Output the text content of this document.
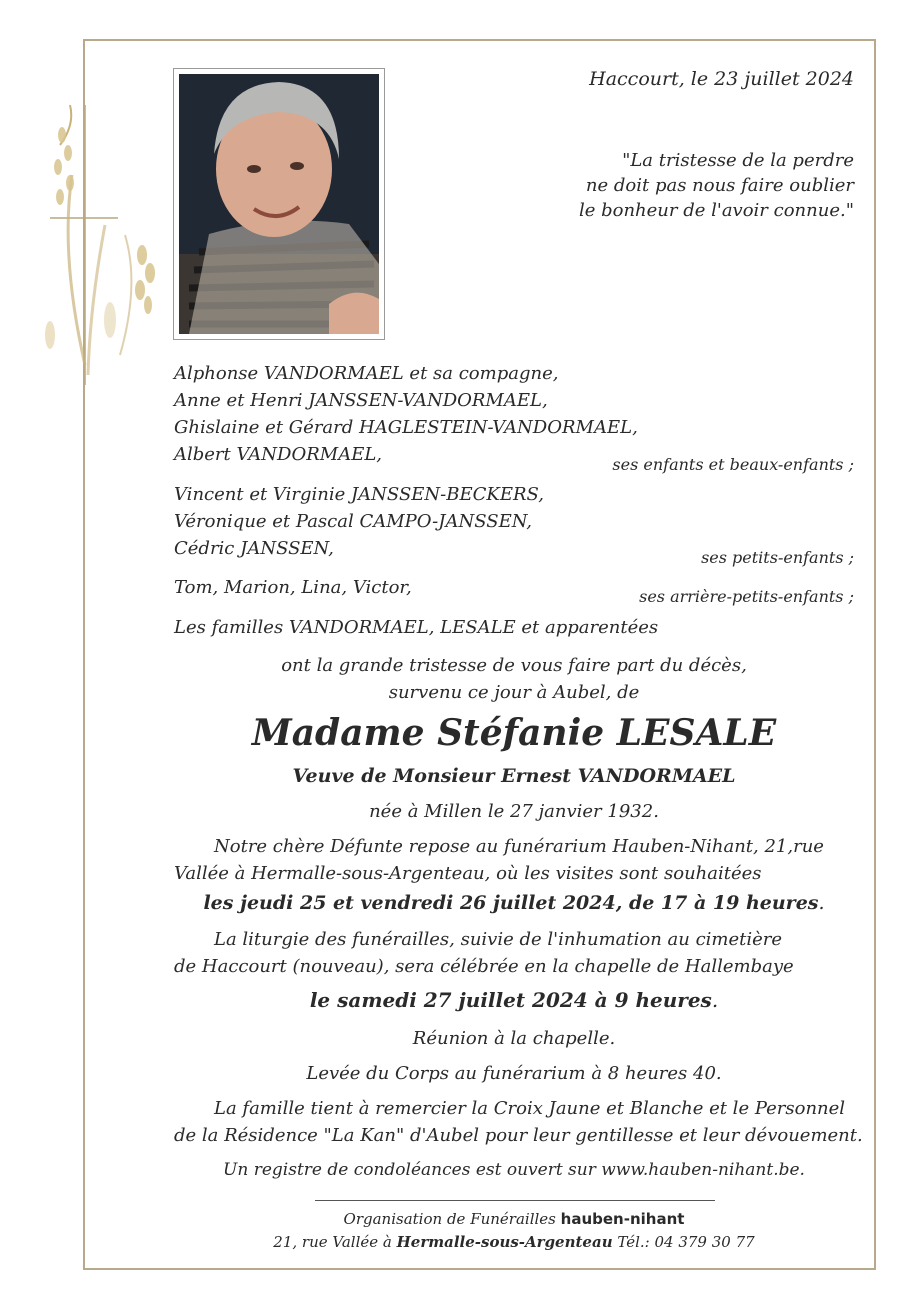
Haccourt, le 23 juillet 2024
"La tristesse de la perdre
ne doit pas nous faire oublier
le bonheur de l'avoir connue."
Alphonse VANDORMAEL et sa compagne,
Anne et Henri JANSSEN-VANDORMAEL,
Ghislaine et Gérard HAGLESTEIN-VANDORMAEL,
Albert VANDORMAEL,	ses enfants et beaux-enfants ;
Vincent et Virginie JANSSEN-BECKERS,
Véronique et Pascal CAMPO-JANSSEN,
Cédric JANSSEN,	ses petits-enfants ;
Tom, Marion, Lina, Victor,	ses arrière-petits-enfants ;
Les familles VANDORMAEL, LESALE et apparentées
ont la grande tristesse de vous faire part du décès,
survenu ce jour à Aubel, de
Madame Stéfanie LESALE
Veuve de Monsieur Ernest VANDORMAEL
née à Millen le 27 janvier 1932.
Notre chère Défunte repose au funérarium Hauben-Nihant, 21,rue
Vallée à Hermalle-sous-Argenteau, où les visites sont souhaitées
les jeudi 25 et vendredi 26 juillet 2024, de 17 à 19 heures.
La liturgie des funérailles, suivie de l'inhumation au cimetière
de Haccourt (nouveau), sera célébrée en la chapelle de Hallembaye
le samedi 27 juillet 2024 à 9 heures.
Réunion à la chapelle.
Levée du Corps au funérarium à 8 heures 40.
La famille tient à remercier la Croix Jaune et Blanche et le Personnel
de la Résidence "La Kan" d'Aubel pour leur gentillesse et leur dévouement.
Un registre de condoléances est ouvert sur www.hauben-nihant.be.
Organisation de Funérailles hauben-nihant
21, rue Vallée à Hermalle-sous-Argenteau Tél.: 04 379 30 77
